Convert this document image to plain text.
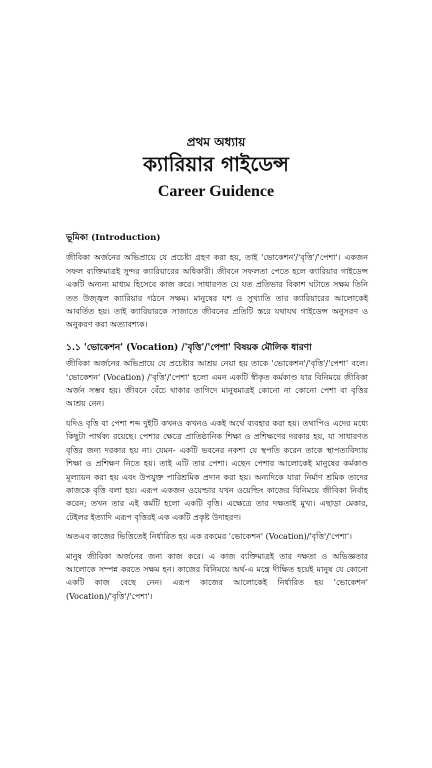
প্রথম অধ্যায়
ক্যারিয়ার গাইডেন্স
Career Guidence
ভূমিকা (Introduction)

জীবিকা অর্জনের অভিপ্রায়ে যে প্রচেষ্টা গ্রহণ করা হয়, তাই 'ভোকেশন'/'বৃত্তি'/'পেশা'। একজন সফল ব্যক্তিমাত্রই সুন্দর ক্যারিয়ারের অধিকারী। জীবনে সফলতা পেতে হলে ক্যারিয়ার গাইডেন্স একটি অন্যন্য মাধ্যম হিসেবে কাজ করে। সাধারণত যে যত প্রতিভার বিকাশ ঘটাতে সক্ষম তিনি তত উজ্জ্বল ক্যারিয়ার গঠনে সক্ষম। মানুষের যশ ও সুখ্যাতি তার ক্যারিয়ারের আলোকেই আবর্তিত হয়। তাই ক্যারিয়ারকে সাজাতে জীবনের প্রতিটি স্তরে যথাযথ গাইডেন্স অনুসরণ ও অনুকরণ করা অত্যাবশ্যক।

১.১ 'ভোকেশন' (Vocation) /'বৃত্তি'/'পেশা' বিষয়ক মৌলিক ধারণা

জীবিকা অর্জনের অভিপ্রায়ে যে প্রচেষ্টার আশ্রয় নেয়া হয় তাকে 'ভোকেশন'/'বৃত্তি'/'পেশা' বলে। 'ভোকেশন' (Vocation) /'বৃত্তি'/'পেশা' হলো এমন একটি স্বীকৃত কর্মকাণ্ড যার বিনিময়ে জীবিকা অর্জন সম্ভব হয়। জীবনে বেঁচে থাকার তাগিদে মানুষমাত্রই কোনো না কোনো পেশা বা বৃত্তির আশ্রয় নেন।

যদিও বৃত্তি বা পেশা শব্দ দুইটি কখনও কখনও একই অর্থে ব্যবহার করা হয়। তথাপিও এদের মধ্যে কিছুটা পার্থক্য রয়েছে। পেশার ক্ষেত্রে প্রাতিষ্ঠানিক শিক্ষা ও প্রশিক্ষণের দরকার হয়, যা সাধারণত বৃত্তির জন্য দরকার হয় না। যেমন- একটি ভবনের নকশা যে স্থপতি করেন তাকে স্থাপত্যবিদ্যায় শিক্ষা ও প্রশিক্ষণ নিতে হয়। তাই এটি তার পেশা। এছেন পেশার আলোকেই মানুষের কর্মকাণ্ড মূল্যায়ন করা হয় এবং উপযুক্ত পারিশ্রমিক প্রদান করা হয়। অন্যদিকে যারা নির্মাণ শ্রমিক তাদের কাজকে বৃত্তি বলা হয়। এরূপ একজন ওয়েল্ডার যখন ওয়েল্ডিং কাজের বিনিময়ে জীবিকা নির্বাহ করেন; তখন তার এই কর্মটি হলো একটি বৃত্তি। এক্ষেত্রে তার দক্ষতাই মুখ্য। এছাড়া মেকার, টেইলর ইত্যাদি এরূপ বৃত্তিরই এক একটি প্রকৃষ্ট উদাহরণ।

অতএব কাজের ভিত্তিতেই নির্ধারিত হয় এক রকমের 'ভোকেশন' (Vocation)/'বৃত্তি'/'পেশা'।

মানুষ জীবিকা অর্জনের জন্য কাজ করে। এ কাজ ব্যক্তিমাত্রই তার দক্ষতা ও অভিজ্ঞতার আলোকে সম্পন্ন করতে সক্ষম হন। কাজের বিনিময়ে অর্থ-এ মন্ত্রে দীক্ষিত হয়েই মানুষ যে কোনো একটি কাজ বেছে নেন। এরূপ কাজের আলোকেই নির্ধারিত হয় 'ভোকেশন' (Vocation)/'বৃত্তি'/'পেশা'।
